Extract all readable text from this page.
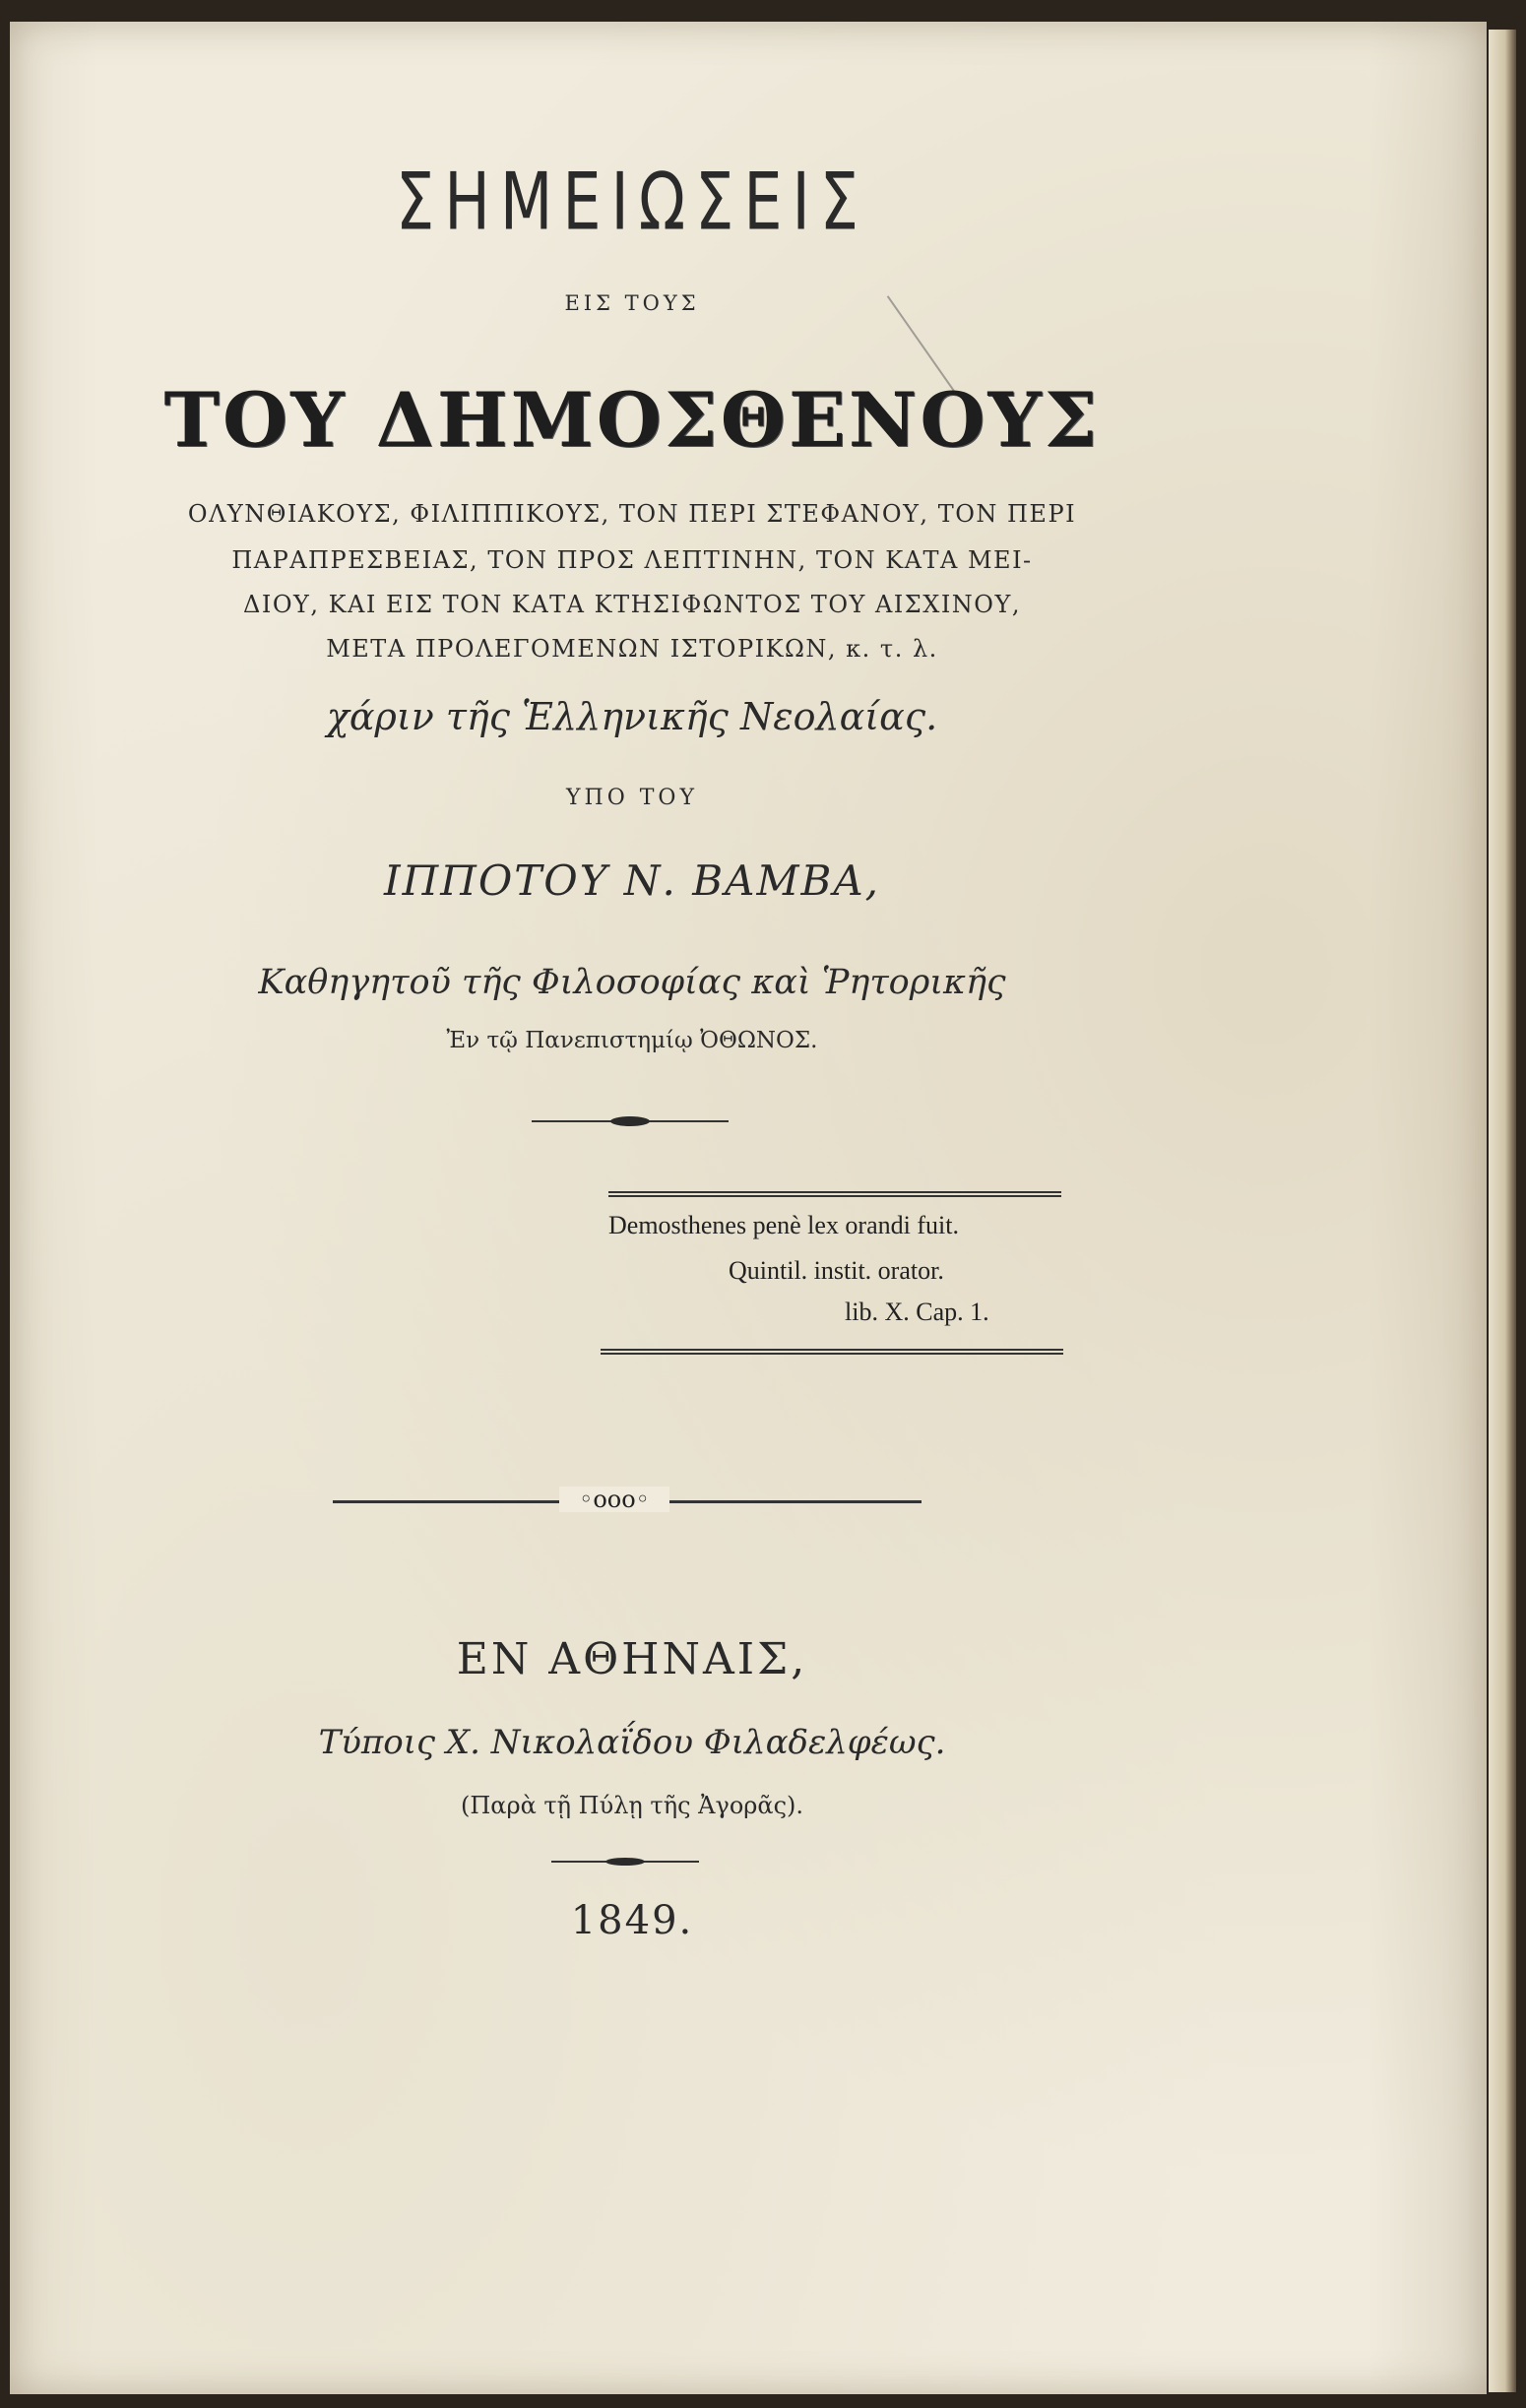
ΣΗΜΕΙΩΣΕΙΣ

ΕΙΣ ΤΟΥΣ

ΤΟΥ ΔΗΜΟΣΘΕΝΟΥΣ

ΟΛΥΝΘΙΑΚΟΥΣ, ΦΙΛΙΠΠΙΚΟΥΣ, ΤΟΝ ΠΕΡΙ ΣΤΕΦΑΝΟΥ, ΤΟΝ ΠΕΡΙ

ΠΑΡΑΠΡΕΣΒΕΙΑΣ, ΤΟΝ ΠΡΟΣ ΛΕΠΤΙΝΗΝ, ΤΟΝ ΚΑΤΑ ΜΕΙ-

ΔΙΟΥ, ΚΑΙ ΕΙΣ ΤΟΝ ΚΑΤΑ ΚΤΗΣΙΦΩΝΤΟΣ ΤΟΥ ΑΙΣΧΙΝΟΥ,

ΜΕΤΑ ΠΡΟΛΕΓΟΜΕΝΩΝ ΙΣΤΟΡΙΚΩΝ, κ. τ. λ.

χάριν τῆς Ἑλληνικῆς Νεολαίας.

ΥΠΟ ΤΟΥ

ΙΠΠΟΤΟΥ Ν. ΒΑΜΒΑ,

Καθηγητοῦ τῆς Φιλοσοφίας καὶ Ῥητορικῆς

Ἐν τῷ Πανεπιστημίῳ ὈΘΩΝΟΣ.

Demosthenes penè lex orandi fuit.

Quintil. instit. orator.

lib. X. Cap. 1.

◦ooo◦

ΕΝ ΑΘΗΝΑΙΣ,

Τύποις Χ. Νικολαΐδου Φιλαδελφέως.

(Παρὰ τῇ Πύλῃ τῆς Ἀγορᾶς).

1849.
